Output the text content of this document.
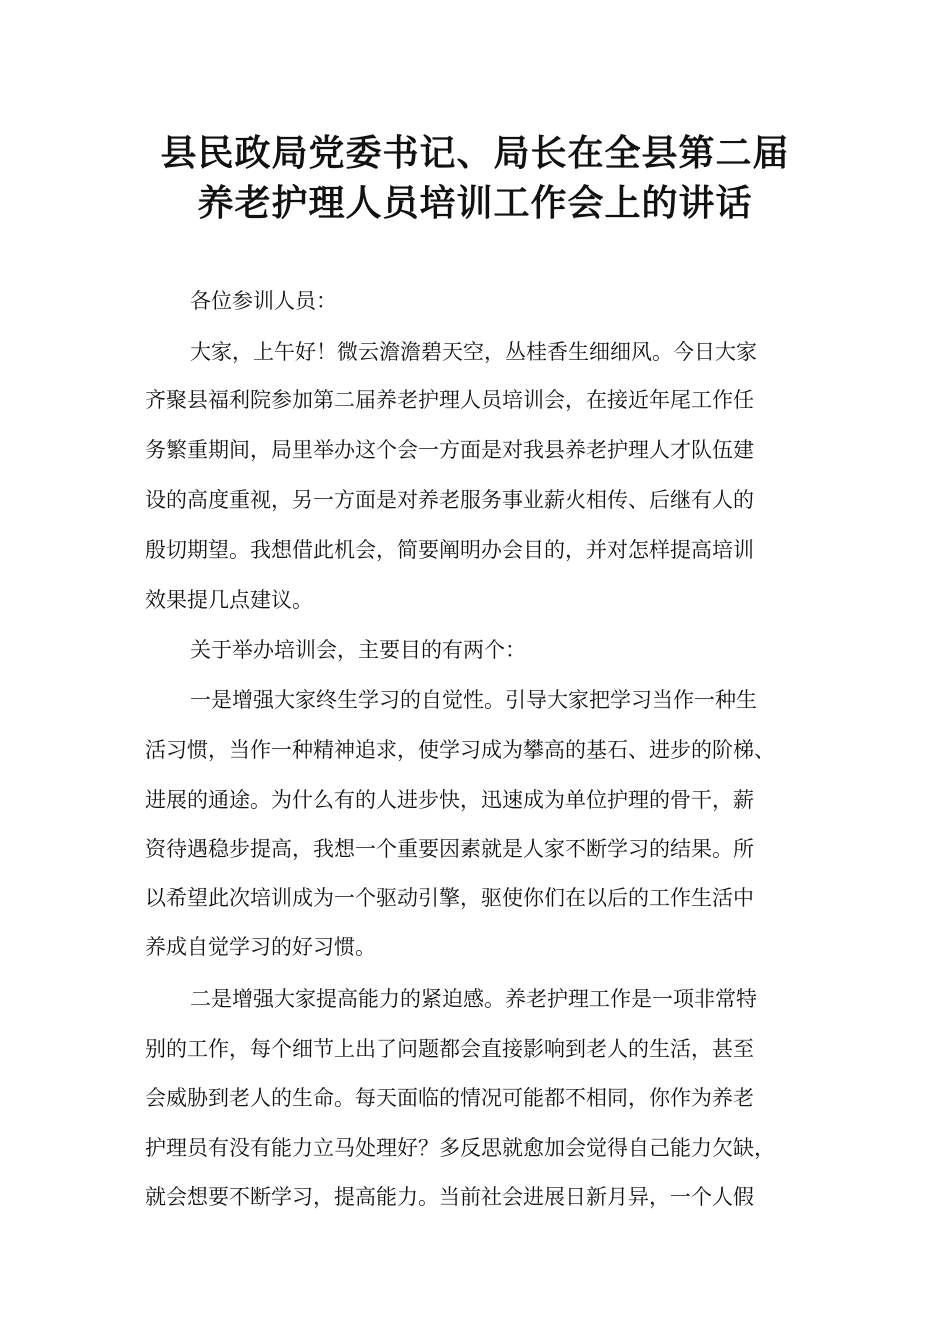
县民政局党委书记、局长在全县第二届
养老护理人员培训工作会上的讲话
各位参训人员：
大家，上午好！微云澹澹碧天空，丛桂香生细细风。今日大家
齐聚县福利院参加第二届养老护理人员培训会，在接近年尾工作任
务繁重期间，局里举办这个会一方面是对我县养老护理人才队伍建
设的高度重视，另一方面是对养老服务事业薪火相传、后继有人的
殷切期望。我想借此机会，简要阐明办会目的，并对怎样提高培训
效果提几点建议。
关于举办培训会，主要目的有两个：
一是增强大家终生学习的自觉性。引导大家把学习当作一种生
活习惯，当作一种精神追求，使学习成为攀高的基石、进步的阶梯、
进展的通途。为什么有的人进步快，迅速成为单位护理的骨干，薪
资待遇稳步提高，我想一个重要因素就是人家不断学习的结果。所
以希望此次培训成为一个驱动引擎，驱使你们在以后的工作生活中
养成自觉学习的好习惯。
二是增强大家提高能力的紧迫感。养老护理工作是一项非常特
别的工作，每个细节上出了问题都会直接影响到老人的生活，甚至
会威胁到老人的生命。每天面临的情况可能都不相同，你作为养老
护理员有没有能力立马处理好？多反思就愈加会觉得自己能力欠缺，
就会想要不断学习，提高能力。当前社会进展日新月异，一个人假
